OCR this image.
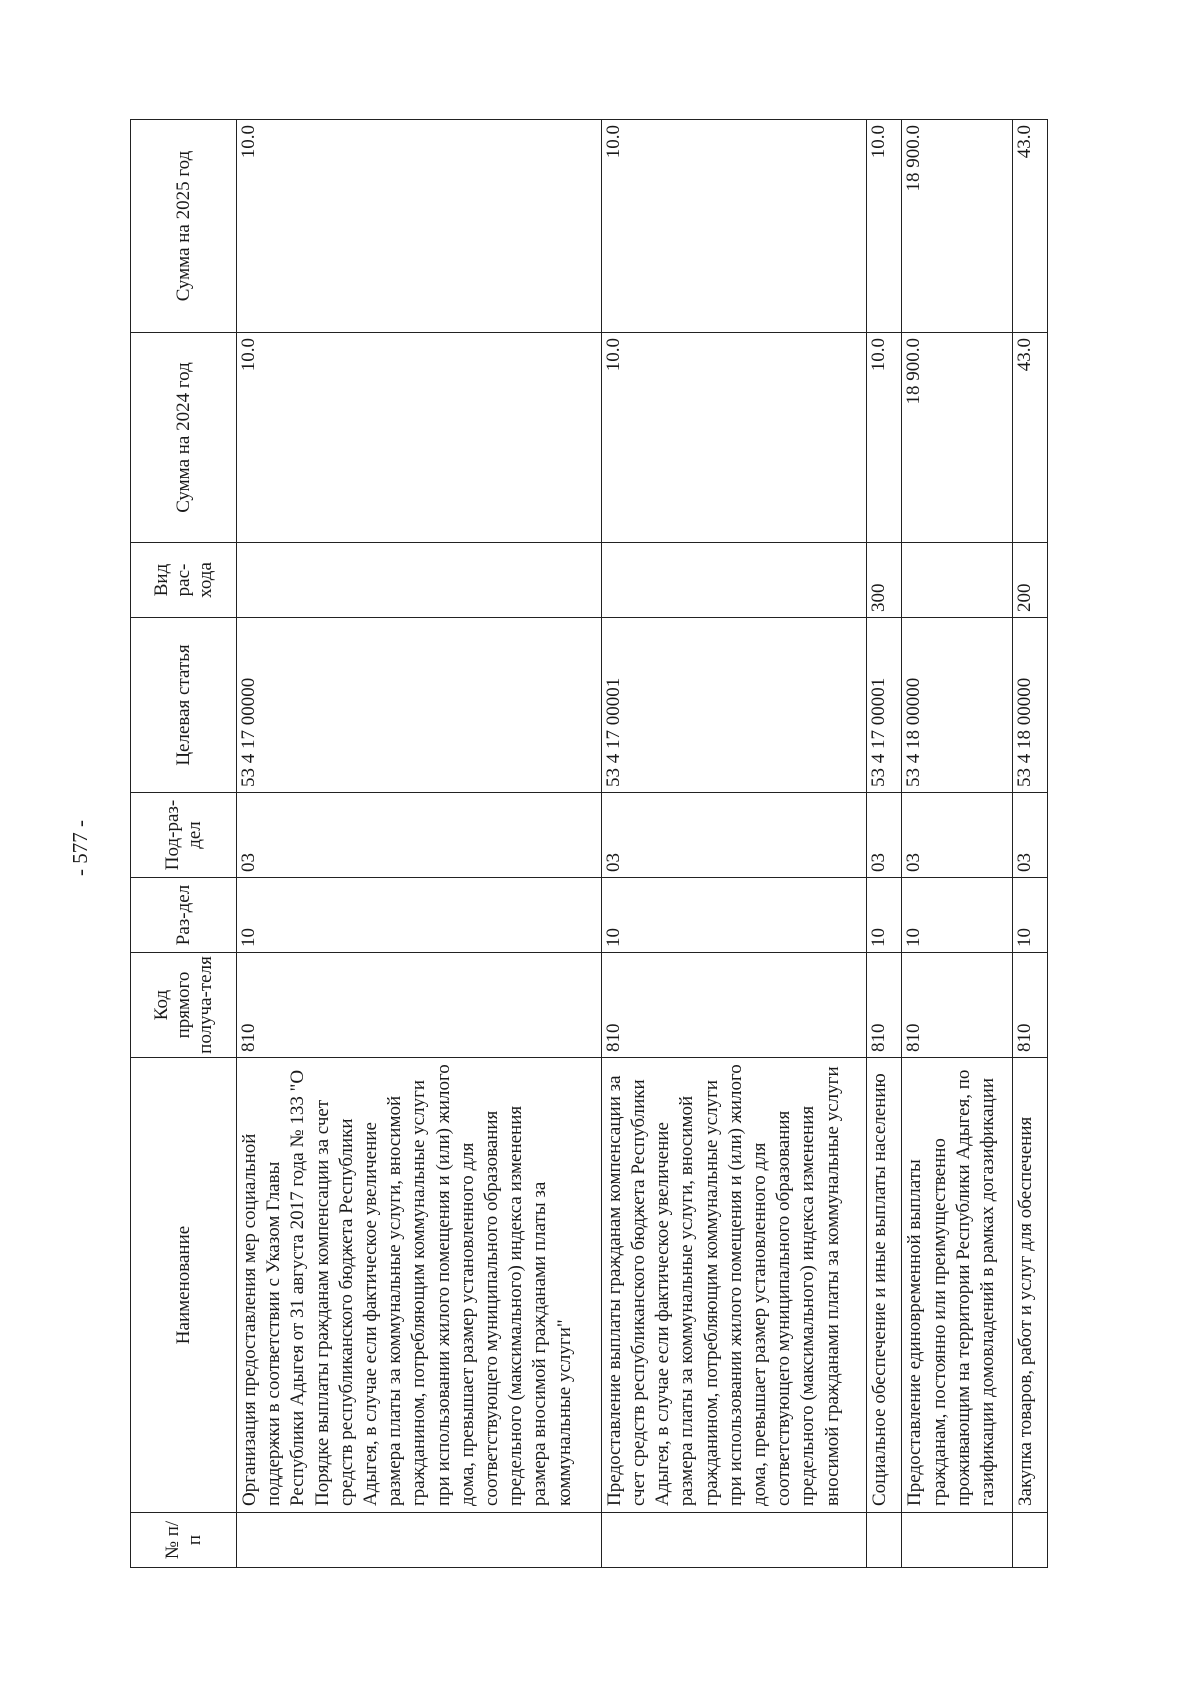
- 577 -
№ п/п	Наименование	Код прямого получа-теля	Раз-дел	Под-раз-дел	Целевая статья	Вид рас-хода	Сумма на 2024 год	Сумма на 2025 год
	Организация предоставления мер социальной поддержки в соответствии с Указом Главы Республики Адыгея от 31 августа 2017 года № 133 "О Порядке выплаты гражданам компенсации за счет средств республиканского бюджета Республики Адыгея, в случае если фактическое увеличение размера платы за коммунальные услуги, вносимой гражданином, потребляющим коммунальные услуги при использовании жилого помещения и (или) жилого дома, превышает размер установленного для соответствующего муниципального образования предельного (максимального) индекса изменения размера вносимой гражданами платы за коммунальные услуги"	810	10	03	53 4 17 00000		10.0	10.0
	Предоставление выплаты гражданам компенсации за счет средств республиканского бюджета Республики Адыгея, в случае если фактическое увеличение размера платы за коммунальные услуги, вносимой гражданином, потребляющим коммунальные услуги при использовании жилого помещения и (или) жилого дома, превышает размер установленного для соответствующего муниципального образования предельного (максимального) индекса изменения вносимой гражданами платы за коммунальные услуги	810	10	03	53 4 17 00001		10.0	10.0
	Социальное обеспечение и иные выплаты населению	810	10	03	53 4 17 00001	300	10.0	10.0
	Предоставление единовременной выплаты гражданам, постоянно или преимущественно проживающим на территории Республики Адыгея, по газификации домовладений в рамках догазификации	810	10	03	53 4 18 00000		18 900.0	18 900.0
	Закупка товаров, работ и услуг для обеспечения	810	10	03	53 4 18 00000	200	43.0	43.0
